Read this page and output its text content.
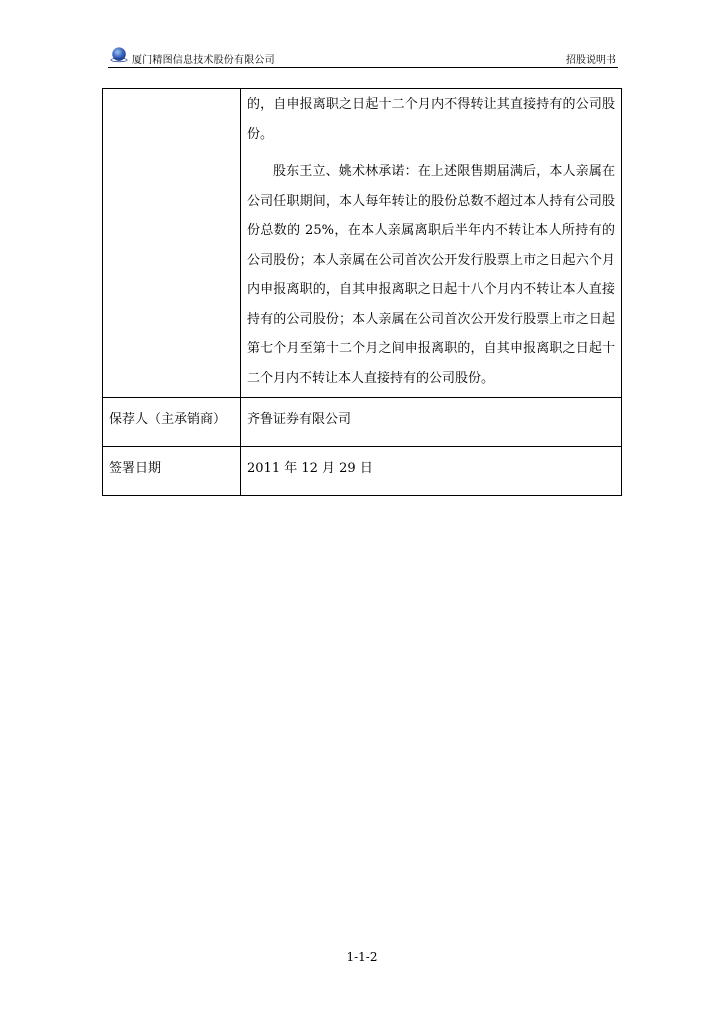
厦门精图信息技术股份有限公司	招股说明书

	的，自申报离职之日起十二个月内不得转让其直接持有的公司股份。

股东王立、姚术林承诺：在上述限售期届满后，本人亲属在公司任职期间，本人每年转让的股份总数不超过本人持有公司股份总数的 25%，在本人亲属离职后半年内不转让本人所持有的公司股份；本人亲属在公司首次公开发行股票上市之日起六个月内申报离职的，自其申报离职之日起十八个月内不转让本人直接持有的公司股份；本人亲属在公司首次公开发行股票上市之日起第七个月至第十二个月之间申报离职的，自其申报离职之日起十二个月内不转让本人直接持有的公司股份。

保荐人（主承销商）	齐鲁证券有限公司
签署日期	2011 年 12 月 29 日
1-1-2
